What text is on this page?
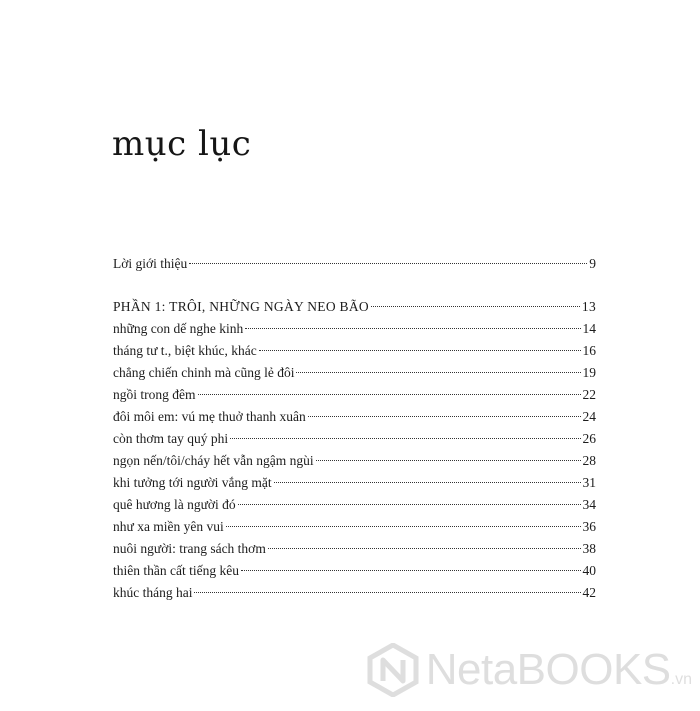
mục lục
Lời giới thiệu	9
PHẦN 1: TRÔI, NHỮNG NGÀY NEO BÃO	13
những con dế nghe kinh	14
tháng tư t., biệt khúc, khác	16
chẳng chiến chinh mà cũng lẻ đôi	19
ngồi trong đêm	22
đôi môi em: vú mẹ thuở thanh xuân	24
còn thơm tay quý phi	26
ngọn nến/tôi/cháy hết vẫn ngậm ngùi	28
khi tưởng tới người vắng mặt	31
quê hương là người đó	34
như xa miền yên vui	36
nuôi người: trang sách thơm	38
thiên thần cất tiếng kêu	40
khúc tháng hai	42
NetaBOOKS .vn
